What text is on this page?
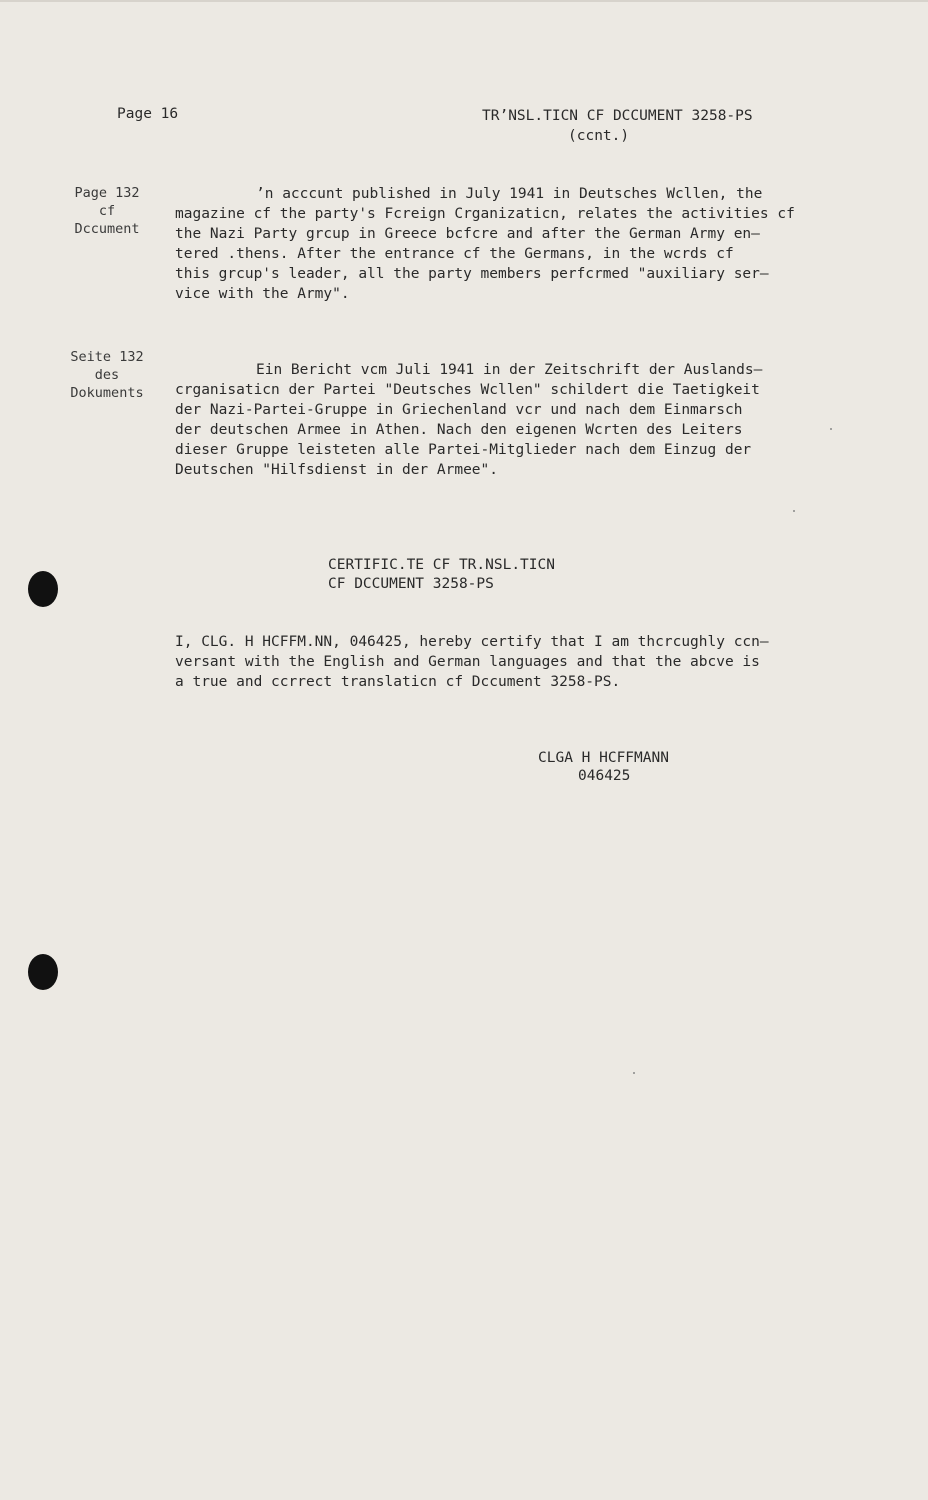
Page 16	TR’NSL.TICN CF DCCUMENT 3258-PS
(ccnt.)
Page 132
cf
Dccument
’n acccunt published in July 1941 in Deutsches Wcllen, the
magazine cf the party's Fcreign Crganizaticn, relates the activities cf
the Nazi Party grcup in Greece bcfcre and after the German Army en—
tered .thens. After the entrance cf the Germans, in the wcrds cf
this grcup's leader, all the party members perfcrmed "auxiliary ser—
vice with the Army".
Seite 132
des
Dokuments
Ein Bericht vcm Juli 1941 in der Zeitschrift der Auslands—
crganisaticn der Partei "Deutsches Wcllen" schildert die Taetigkeit
der Nazi-Partei-Gruppe in Griechenland vcr und nach dem Einmarsch
der deutschen Armee in Athen. Nach den eigenen Wcrten des Leiters
dieser Gruppe leisteten alle Partei-Mitglieder nach dem Einzug der
Deutschen "Hilfsdienst in der Armee".
CERTIFIC.TE CF TR.NSL.TICN
CF DCCUMENT 3258-PS
I, CLG. H HCFFM.NN, 046425, hereby certify that I am thcrcughly ccn—
versant with the English and German languages and that the abcve is
a true and ccrrect translaticn cf Dccument 3258-PS.
CLGA H HCFFMANN
046425
